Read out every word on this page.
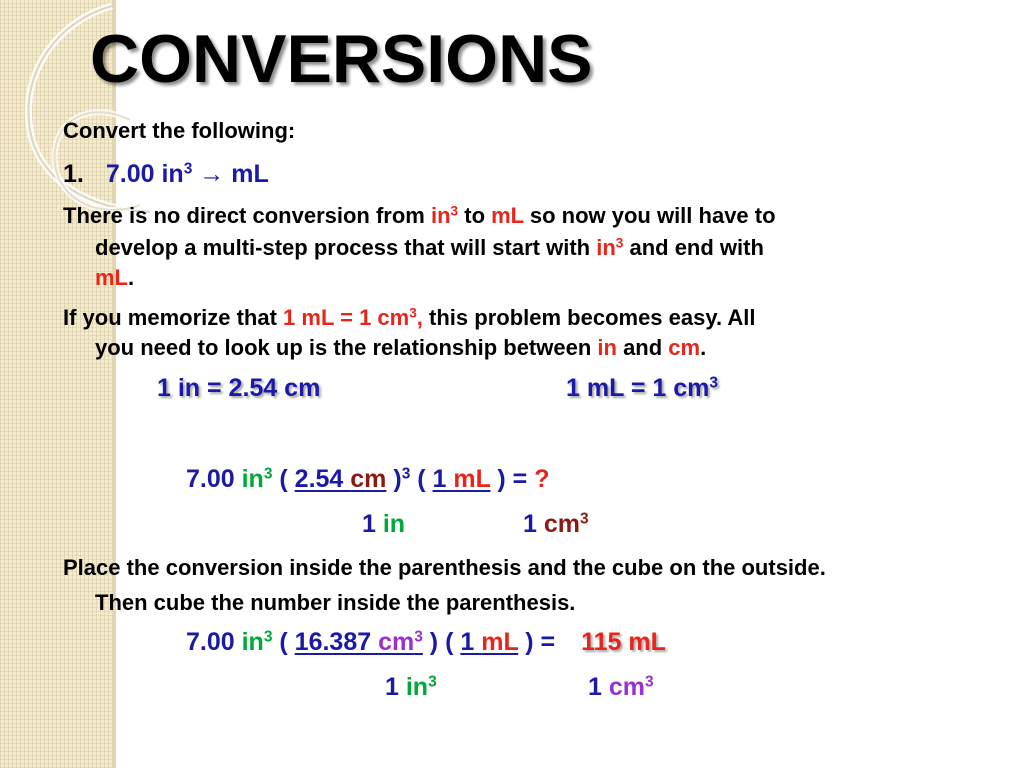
CONVERSIONS
Convert the following:
1. 7.00 $in^3$ → mL
There is no direct conversion from $in^3$ to mL so now you will have to
develop a multi-step process that will start with $in^3$ and end with
mL.
If you memorize that 1 mL = 1 $cm^3$, this problem becomes easy. All
you need to look up is the relationship between in and cm.
1 in = 2.54 cm	1 mL = 1 $cm^3$
7.00 $in^3$ ( 2.54 cm )$^3$ ( 1 mL ) = ?
1 in	1 $cm^3$
Place the conversion inside the parenthesis and the cube on the outside.
Then cube the number inside the parenthesis.
7.00 $in^3$ ( 16.387 $cm^3$ ) ( 1 mL ) = 115 mL
1 $in^3$	1 $cm^3$
